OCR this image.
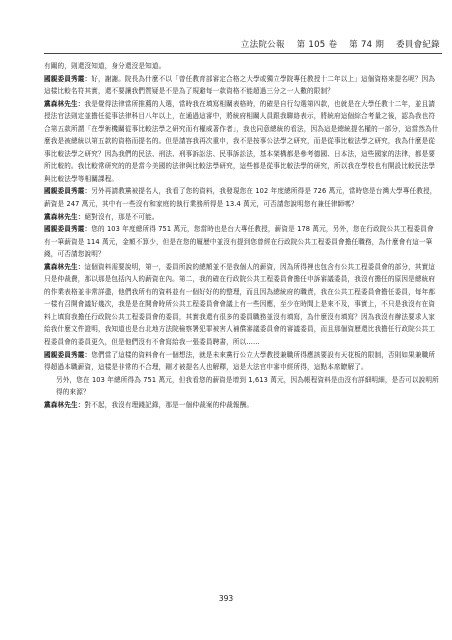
立法院公報　 第 105 卷　 第 74 期　 委員會紀錄

有關的，則還沒知道，身分還沒是知道。

國親委員秀霞：好，謝謝。院長為什麼不以「曾任教育部審定合格之大學或獨立學院專任教授十二年以上」這個資格來提名呢？因為這樣比較名符其實，還不要讓我們質疑是不是為了規避每一款資格不能超過三分之一人數的限制？

黨森林先生：我是覺得法律當所推薦的人選，當時我在填寫相關表格時，的確是自行勾選第四款，也就是在大學任教十二年，並且請授法官法則定並擔任從事法律科目八年以上，在通過這審中，將統府相關人員跟我聯絡表示，將統府這個綜合考量之後，認為我也符合第五款所謂「在學術機關從事比較法學之研究而有權威著作者」，我也同意總統的看法，因為這是總統提名權的一部分，這當然為什麼我是被總統以第五款的資格而提名的。但是請容我再次重申，我不是按事公法學之研究，而是從事比較法學之研究，我為什麼是從事比較法學之研究？因為我們的民法、刑法、刑事訴訟法、民事訴訟法，基本架構都是參考德國、日本法，這些國家的法律，都是要所比較的。我比較常研究的的是當今美國的法律與比較法學研究，這些都是從事比較法學的研究，所以我在學校也有開設比較民法學與比較法學等相關課程。

國親委員秀霞：另外再請教黨被提名人，我看了您的資料，我發現您在 102 年度總所得是 726 萬元，當時您是台灣大學專任教授，薪資是 247 萬元，其中有一些沒有和家庭的執行業務所得是 13.4 萬元，可否請您說明您有兼任律師嗎？

黨森林先生：絕對沒有，那是不可能。

國親委員秀霞：您的 103 年度總所得 751 萬元，您當時也是台大專任教授，薪資是 178 萬元，另外，您在行政院公共工程委員會有一筆薪資是 114 萬元，金額不算少，但是在您的履歷中並沒有提到您曾經在行政院公共工程委員會擔任職務，為什麼會有這一筆錢，可否請您說明？

黨森林先生：這個資料需要說明，第一，委員所說的總額並不是我個人的薪資，因為所得裡也包含有公共工程委員會的部分，其實這只是仲裁費，那以那是包括內人的薪資在內。第二，我的確在行政院公共工程委員會擔任申訴審議委員，我沒有擔任的原因是總統府的作業表格並非常詳盡，他們我所有的資料並有一個好好的的整理，而且因為總統府的職責，我在公共工程委員會擔任委員，每年都一樣有召開會議好幾次，我是是在開會時所公共工程委員會會議上有一些因應，至少在時間上是來不及，事實上，不只是我沒有在資料上填寫我擔任行政院公共工程委員會的委員，其實我還有很多的委員職務並沒有填寫，為什麼沒有填寫？因為我沒有辦法要求人家給我什麼文件證明，我知道也是台北地方法院檢察署犯罪被害人補償審議委員會的審議委員，而且那個資歷還比我擔任行政院公共工程委員會的委員更久，但是他們沒有不會寫給我一張委員聘書，所以……

國親委員秀霞：您們當了這樣的資料會有一個想法，就是未來黨行公立大學教授兼職所得應該要設有天花板的限制，否則如果兼職所得超過本職薪資，這樣是非常的不合理，剛才被提名人也解釋，這是大法官申審申經所得，這點本席瞭解了。

另外，您在 103 年總所得為 751 萬元，但我看您的薪資是增到 1,613 萬元，因為帳程資料是由沒有詳細明細，是否可以說明所得的來源？

黨森林先生：對不起，我沒有理錢記錄，那是一個仲裁案的仲裁報酬。

393
